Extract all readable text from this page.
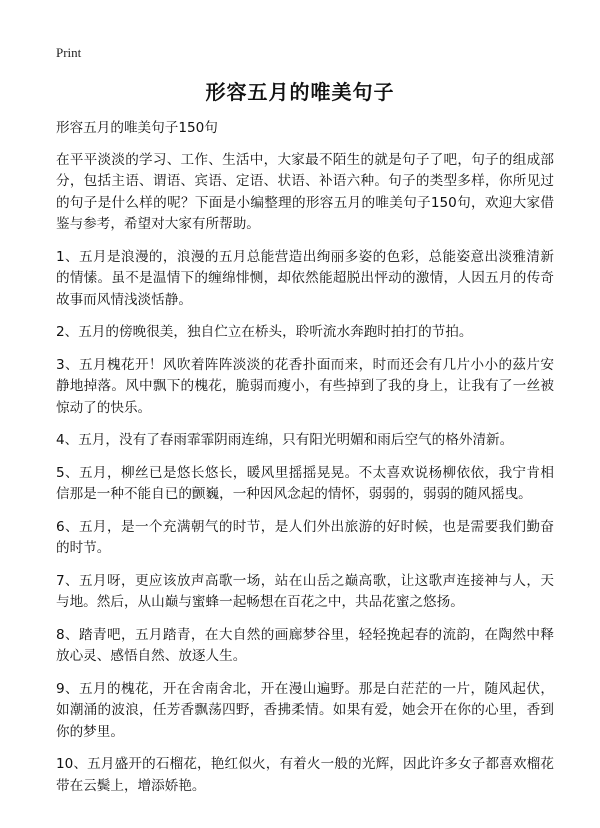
Print
形容五月的唯美句子

形容五月的唯美句子150句

在平平淡淡的学习、工作、生活中，大家最不陌生的就是句子了吧，句子的组成部分，包括主语、谓语、宾语、定语、状语、补语六种。句子的类型多样，你所见过的句子是什么样的呢？下面是小编整理的形容五月的唯美句子150句，欢迎大家借鉴与参考，希望对大家有所帮助。

1、五月是浪漫的，浪漫的五月总能营造出绚丽多姿的色彩，总能姿意出淡雅清新的情愫。虽不是温情下的缠绵悱恻，却依然能超脱出怦动的激情，人因五月的传奇故事而风情浅淡恬静。

2、五月的傍晚很美，独自伫立在桥头，聆听流水奔跑时拍打的节拍。

3、五月槐花开！风吹着阵阵淡淡的花香扑面而来，时而还会有几片小小的茲片安静地掉落。风中飘下的槐花，脆弱而瘦小，有些掉到了我的身上，让我有了一丝被惊动了的快乐。

4、五月，没有了春雨霏霏阴雨连绵，只有阳光明媚和雨后空气的格外清新。

5、五月，柳丝已是悠长悠长，暖风里摇摇晃晃。不太喜欢说杨柳依依，我宁肯相信那是一种不能自已的颤巍，一种因风念起的情怀，弱弱的，弱弱的随风摇曳。

6、五月，是一个充满朝气的时节，是人们外出旅游的好时候，也是需要我们勤奋的时节。

7、五月呀，更应该放声高歌一场，站在山岳之巅高歌，让这歌声连接神与人，天与地。然后，从山巅与蜜蜂一起畅想在百花之中，共品花蜜之悠扬。

8、踏青吧，五月踏青，在大自然的画廊梦谷里，轻轻挽起春的流韵，在陶然中释放心灵、感悟自然、放逐人生。

9、五月的槐花，开在舍南舍北，开在漫山遍野。那是白茫茫的一片，随风起伏，如潮涌的波浪，任芳香飘荡四野，香拂柔情。如果有爱，她会开在你的心里，香到你的梦里。

10、五月盛开的石榴花，艳红似火，有着火一般的光辉，因此许多女子都喜欢榴花带在云鬓上，增添娇艳。
